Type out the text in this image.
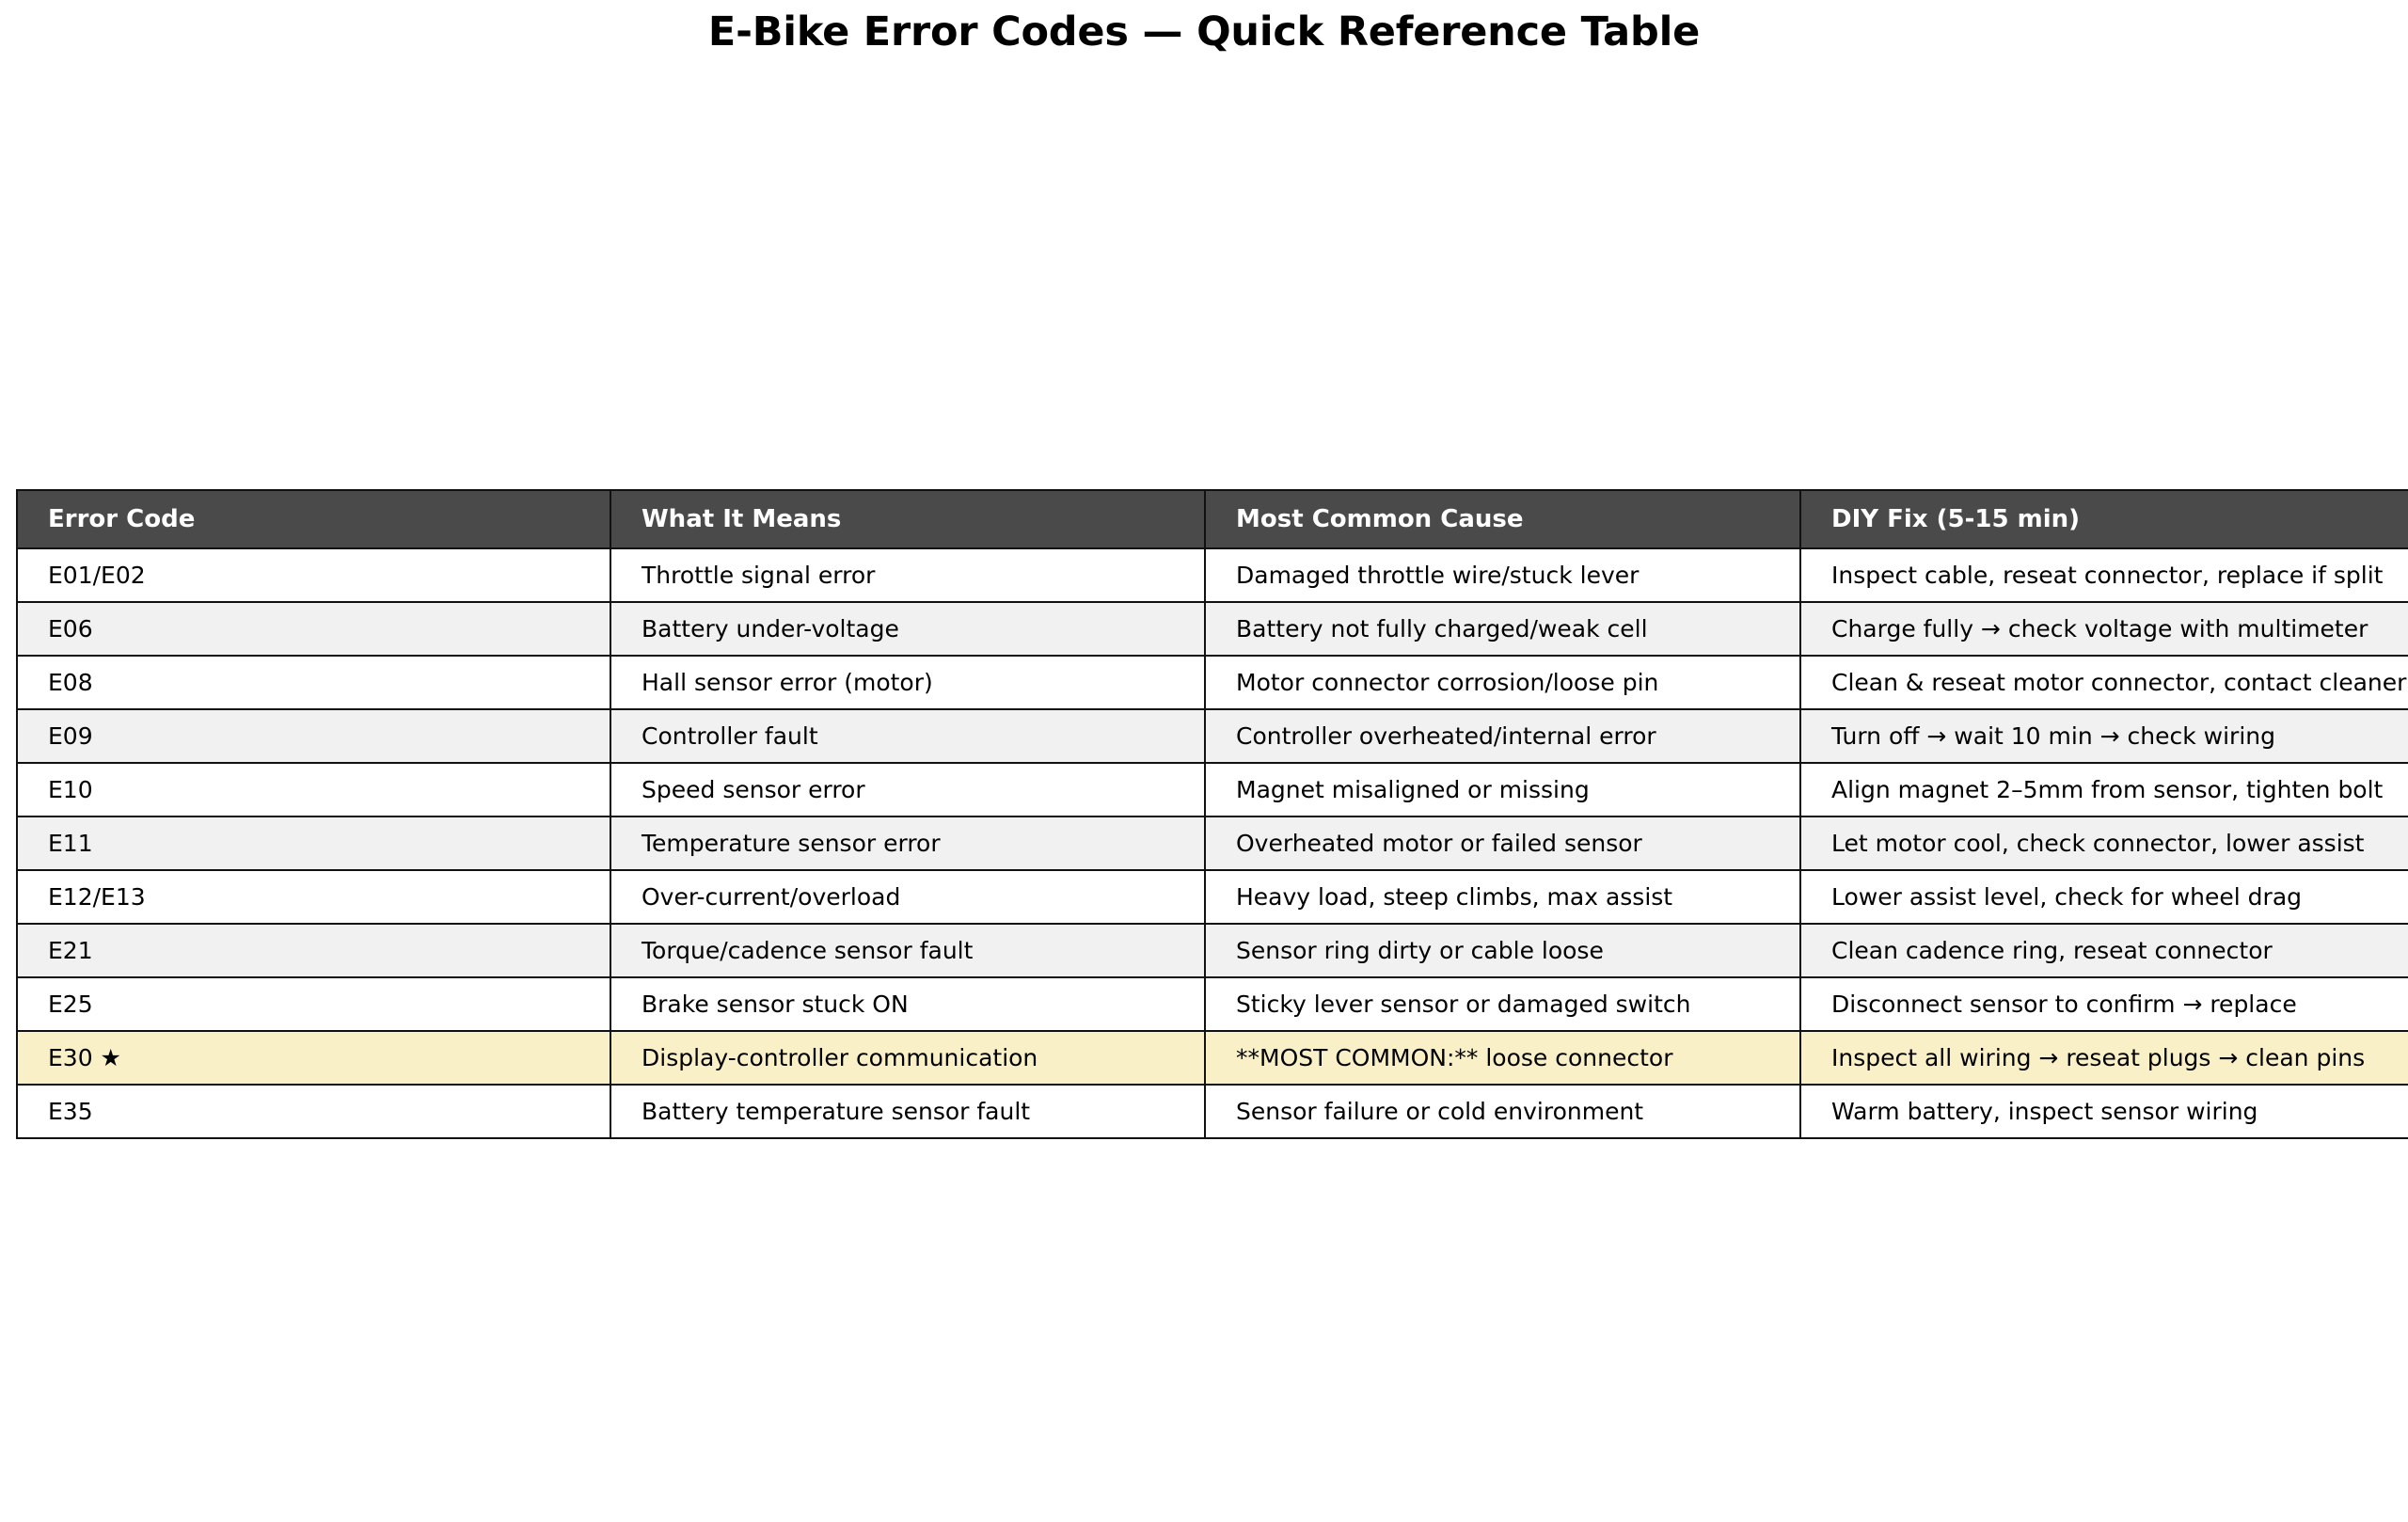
E-Bike Error Codes — Quick Reference Table
Error Code	What It Means	Most Common Cause	DIY Fix (5-15 min)
E01/E02	Throttle signal error	Damaged throttle wire/stuck lever	Inspect cable, reseat connector, replace if split
E06	Battery under-voltage	Battery not fully charged/weak cell	Charge fully → check voltage with multimeter
E08	Hall sensor error (motor)	Motor connector corrosion/loose pin	Clean & reseat motor connector, contact cleaner
E09	Controller fault	Controller overheated/internal error	Turn off → wait 10 min → check wiring
E10	Speed sensor error	Magnet misaligned or missing	Align magnet 2–5mm from sensor, tighten bolt
E11	Temperature sensor error	Overheated motor or failed sensor	Let motor cool, check connector, lower assist
E12/E13	Over-current/overload	Heavy load, steep climbs, max assist	Lower assist level, check for wheel drag
E21	Torque/cadence sensor fault	Sensor ring dirty or cable loose	Clean cadence ring, reseat connector
E25	Brake sensor stuck ON	Sticky lever sensor or damaged switch	Disconnect sensor to confirm → replace
E30 ★	Display-controller communication	**MOST COMMON:** loose connector	Inspect all wiring → reseat plugs → clean pins
E35	Battery temperature sensor fault	Sensor failure or cold environment	Warm battery, inspect sensor wiring
